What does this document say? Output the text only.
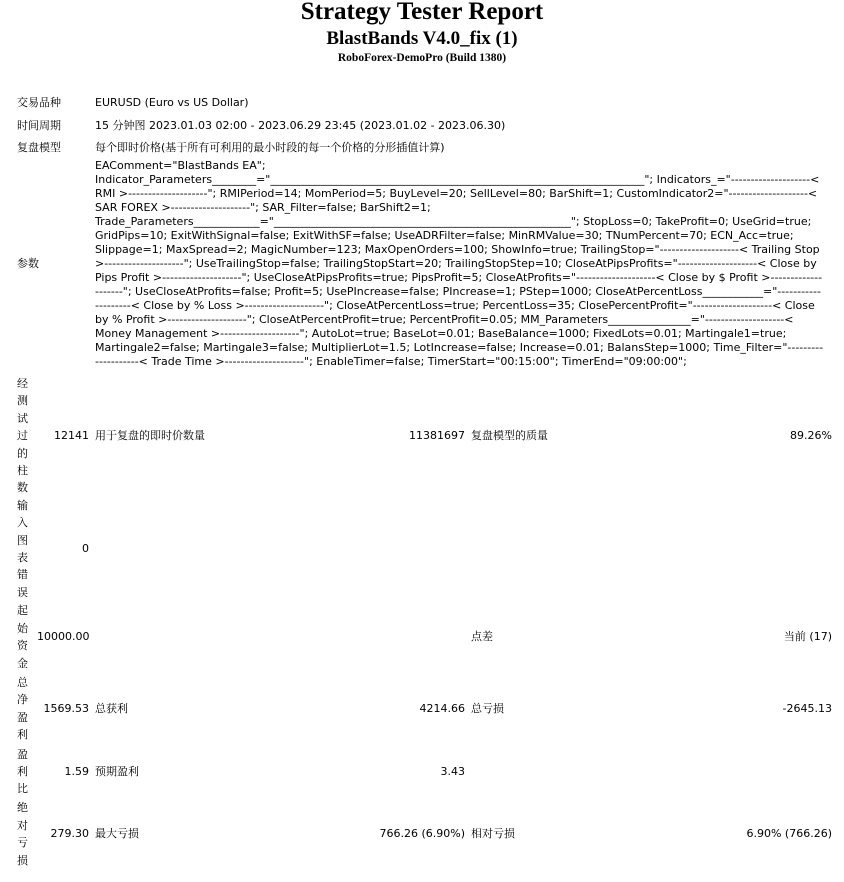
Strategy Tester Report
BlastBands V4.0_fix (1)
RoboForex-DemoPro (Build 1380)
交易品种			EURUSD (Euro vs US Dollar)				
时间周期			15 分钟图 2023.01.03 02:00 - 2023.06.29 23:45 (2023.01.02 - 2023.06.30)				
复盘模型			每个即时价格(基于所有可利用的最小时段的每一个价格的分形插值计算)				
参数			EAComment="BlastBands EA"; Indicator_Parameters________="____________________________________________________________________"; Indicators_="--------------------< RMI >--------------------"; RMIPeriod=14; MomPeriod=5; BuyLevel=20; SellLevel=80; BarShift=1; CustomIndicator2="--------------------< SAR FOREX >--------------------"; SAR_Filter=false; BarShift2=1; Trade_Parameters____________="______________________________________________________"; StopLoss=0; TakeProfit=0; UseGrid=true; GridPips=10; ExitWithSignal=false; ExitWithSF=false; UseADRFilter=false; MinRMValue=30; TNumPercent=70; ECN_Acc=true; Slippage=1; MaxSpread=2; MagicNumber=123; MaxOpenOrders=100; ShowInfo=true; TrailingStop="--------------------< Trailing Stop >--------------------"; UseTrailingStop=false; TrailingStopStart=20; TrailingStopStep=10; CloseAtPipsProfits="--------------------< Close by Pips Profit >--------------------"; UseCloseAtPipsProfits=true; PipsProfit=5; CloseAtProfits="--------------------< Close by $ Profit >--------------------"; UseCloseAtProfits=false; Profit=5; UsePIncrease=false; PIncrease=1; PStep=1000; CloseAtPercentLoss___________="--------------------< Close by % Loss >--------------------"; CloseAtPercentLoss=true; PercentLoss=35; ClosePercentProfit="--------------------< Close by % Profit >--------------------"; CloseAtPercentProfit=true; PercentProfit=0.05; MM_Parameters_______________="--------------------< Money Management >--------------------"; AutoLot=true; BaseLot=0.01; BaseBalance=1000; FixedLots=0.01; Martingale1=true; Martingale2=false; Martingale3=false; MultiplierLot=1.5; LotIncrease=false; Increase=0.01; BalansStep=1000; Time_Filter="--------------------< Trade Time >--------------------"; EnableTimer=false; TimerStart="00:15:00"; TimerEnd="09:00:00";				

经测试过的柱数	12141		用于复盘的即时价数量	11381697		复盘模型的质量	89.26%

输入图表错误	0						

起始资金	10000.00					点差	当前 (17)

总净盈利	1569.53		总获利	4214.66		总亏损	-2645.13

盈利比	1.59		预期盈利	3.43			

绝对亏损	279.30		最大亏损	766.26 (6.90%)		相对亏损	6.90% (766.26)
